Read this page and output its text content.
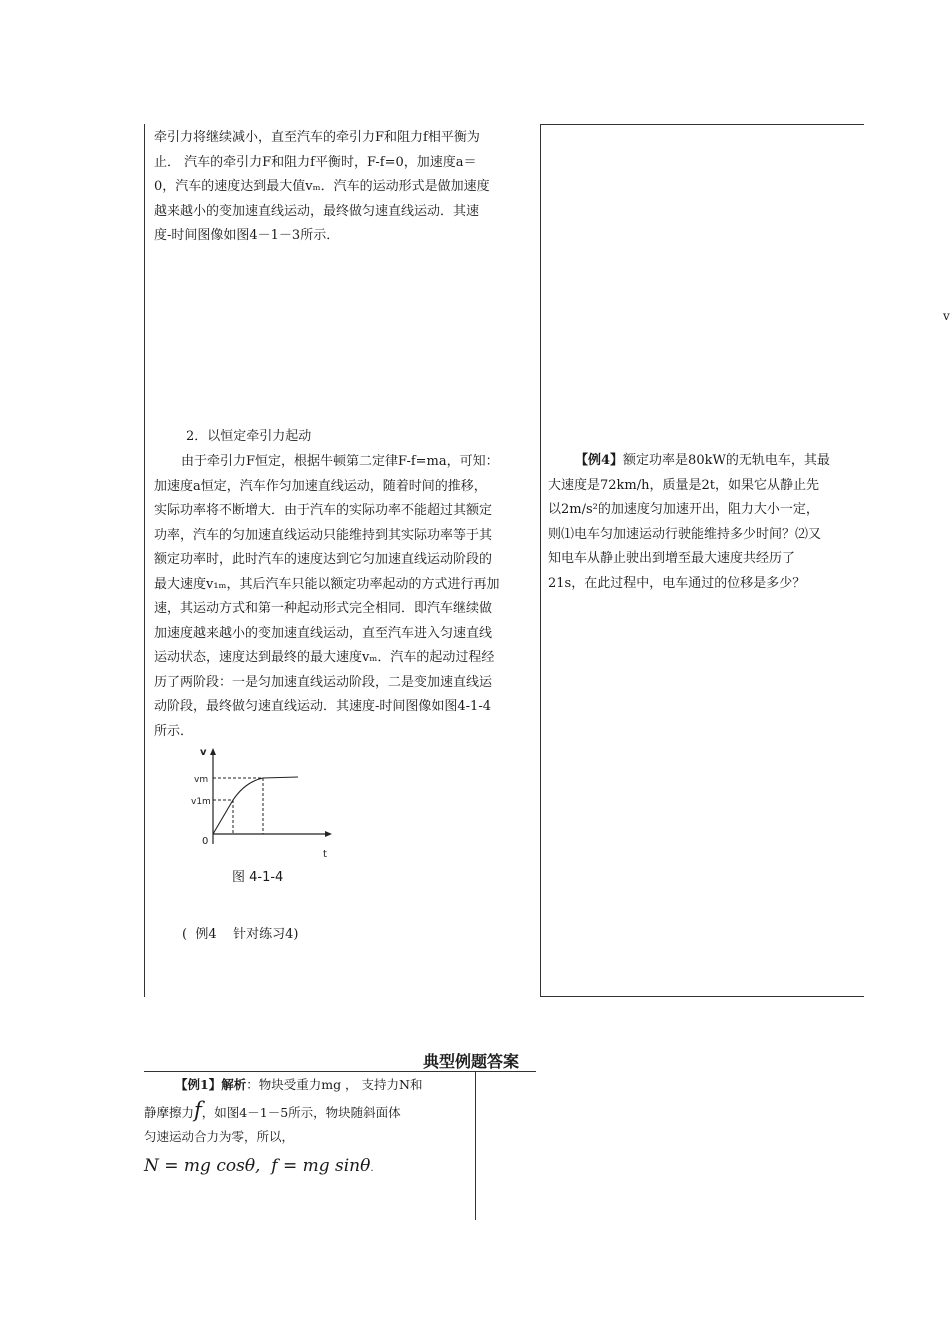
牵引力将继续减小，直至汽车的牵引力F和阻力f相平衡为
止． 汽车的牵引力F和阻力f平衡时，F-f=0，加速度a＝
0，汽车的速度达到最大值vₘ．汽车的运动形式是做加速度
越来越小的变加速直线运动，最终做匀速直线运动．其速
度-时间图像如图4－1－3所示．
2．以恒定牵引力起动
由于牵引力F恒定，根据牛顿第二定律F-f=ma，可知：
加速度a恒定，汽车作匀加速直线运动，随着时间的推移，
实际功率将不断增大．由于汽车的实际功率不能超过其额定
功率，汽车的匀加速直线运动只能维持到其实际功率等于其
额定功率时，此时汽车的速度达到它匀加速直线运动阶段的
最大速度v₁ₘ，其后汽车只能以额定功率起动的方式进行再加
速，其运动方式和第一种起动形式完全相同．即汽车继续做
加速度越来越小的变加速直线运动，直至汽车进入匀速直线
运动状态，速度达到最终的最大速度vₘ．汽车的起动过程经
历了两阶段：一是匀加速直线运动阶段，二是变加速直线运
动阶段，最终做匀速直线运动．其速度-时间图像如图4-1-4
所示．
v
vm
v1m
0
t
图 4-1-4
(  例4    针对练习4)
【例4】额定功率是80kW的无轨电车，其最
大速度是72km/h，质量是2t，如果它从静止先
以2m/s²的加速度匀加速开出，阻力大小一定，
则⑴电车匀加速运动行驶能维持多少时间？⑵又
知电车从静止驶出到增至最大速度共经历了
21s，在此过程中，电车通过的位移是多少？
v
典型例题答案
【例1】解析：物块受重力mg ， 支持力N和
静摩擦力f，如图4－1－5所示，物块随斜面体
匀速运动合力为零，所以，
N = mg cosθ,  f = mg sinθ.
